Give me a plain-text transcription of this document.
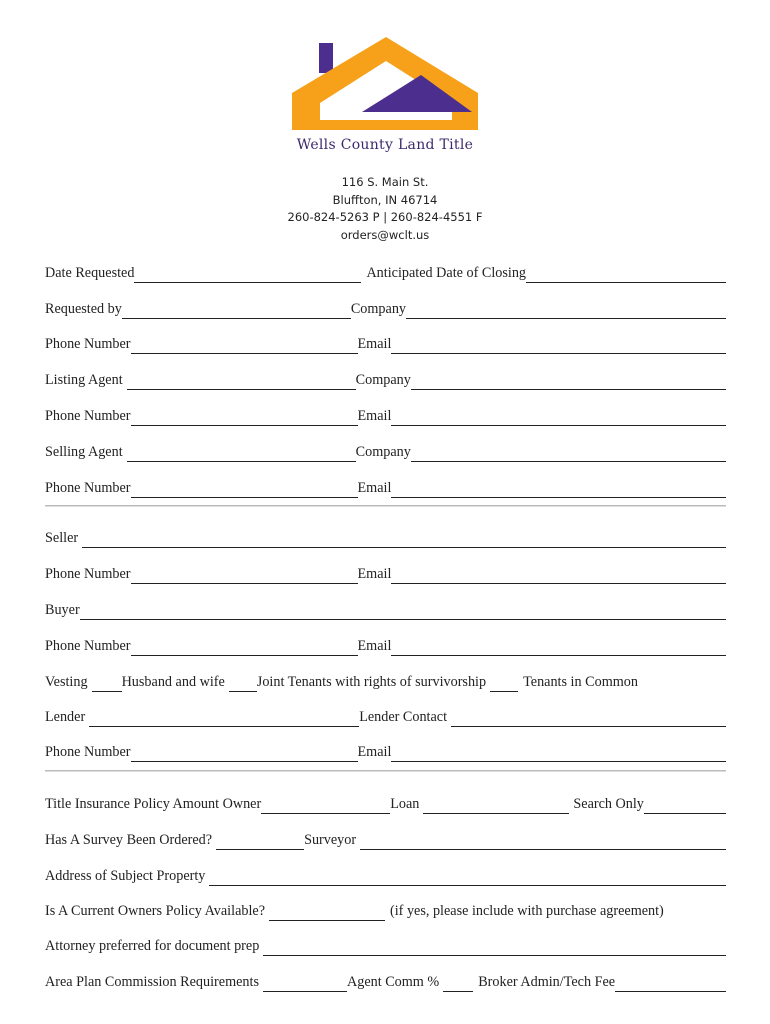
Wells County Land Title
116 S. Main St.
Bluffton, IN 46714
260-824-5263 P | 260-824-4551 F
orders@wclt.us
Date Requested	Anticipated Date of Closing
Requested by	Company
Phone Number	Email
Listing Agent	Company
Phone Number	Email
Selling Agent	Company
Phone Number	Email
Seller
Phone Number	Email
Buyer
Phone Number	Email
Vesting Husband and wife Joint Tenants with rights of survivorship	Tenants in Common
Lender	Lender Contact
Phone Number	Email
Title Insurance Policy Amount Owner	Loan	Search Only
Has A Survey Been Ordered?	Surveyor
Address of Subject Property
Is A Current Owners Policy Available?	(if yes, please include with purchase agreement)
Attorney preferred for document prep
Area Plan Commission Requirements	Agent Comm %	Broker Admin/Tech Fee
